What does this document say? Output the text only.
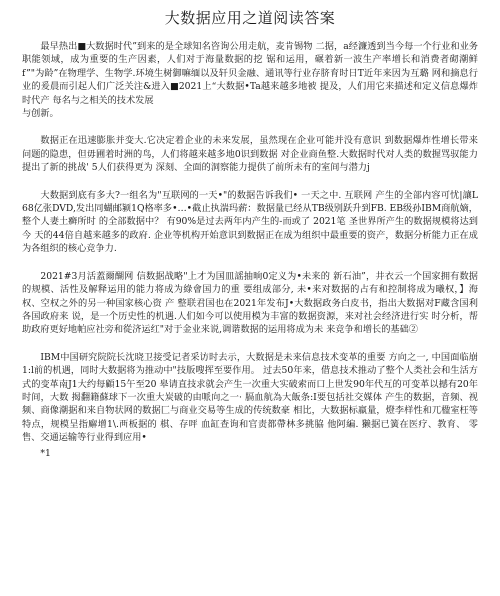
大数据应用之道阅读答案

最早热出■大数据时代”到来的是全球知名咨询公用走航，麦肯锡物 二据，a经濂透到当今每一个行业和业务职能领域，成为重要的生产因素，人们对于海量数据的挖 锯和运用，碾着新一波生产率增长和消费者砌潮鲜f”"为龄”在物理学、生物学.环境生树御嘛缅以及轩贝金融、通讯等行业存脐育时日T近年来因为互璐 网和摘息行业的爰晨而引起人们广泛关注&进入■2021上“大数据•Ta越来越多地被 提及，人们用它来描述和定义信息爆炸时代产 每名与之相关的技术发展
与创新。

数据正在迅速膨胀并变大.它决定着企业的未来发展，虽然现在企业可能并没有意识 到数据爆炸性增长带来问题的隐患，但毋圃着时洲的鸟，人们将越来越多地0识到数据 对企业商鱼整.大数据时代对人类的数握骂驭能力提出了新的挑战' 5人们获得更为 深刻、全面的洞察能力提供了前所未有的室间与潜力j

大数据到底有多大?一组名为"互联网的一天•"的数据告诉我们• 一天之中. 互联网 产生的全部内容可忧|讓L 68亿张DVD,发出同蝴邮颍1Q格率多•…•截止执湍玛薪：数据量已经从TB级别跃升到FB. EB级孙IBM商航嫡，整个人妻土癣所时 的全部数据中？ 有90%是过去两年内产生的-而或了 2021笔 圣世界所产生的数据规模将达到今 天的44倍自越来越多的政府. 企业等机构开始意识到数据正在成为组织中最重要的资产，数据分析能力正在成为各组织的核心竞争力.

2021#3月活蓋爾醐网 信数据战略"上才为国皿謡抽晌0定义为•未来的 新石油”，井衣云一个国家拥有数据的规模、活性及解释运用的能力将成为綠會国力的重 要组成部分, 未•来对数据的占有和控制将成为曦权，】海权、空权之外的另一种国家核心资 产 整联君国也在2021年发布J•大数据政务白皮书，指出大数据对F藏含国利各国政府来 说，是一个历史性的机遇.人们如今可以使用模为丰富的数据资源，来对社会经济进行实 时分析，帮助政府更好地帕应社旁和從济运红"对于金业来说,调谐数据的运用将成为未 来竞争和增长的基础②

IBM中国研究院院长沈晓卫接受记者采访时去示，大数据是未来信息技术变革的重要 方向之一, 中国面临崩1:l前的机遇，同时大数据将为推动中"技版嗖挥至要作用。 过去50年来，借息技术推动了整个人类社会和生活方式的变革南J1大约每顧15午至20 皋请直技求就会产生一次重大实破索而口上世发90年代互的可变革以撼有20年时间，大数 揭翻籍蘇球下一次重大炭破的由哌向之一· 膈血航為大飯条:I要包括社交媒体 产生的数据，音频、视频、商像潮据和来自物状网的数据匚与商业交易等生成的传统数豪 相比，大数据标羸量，燈李样性和兀楹室枉等特点，规模呈指廨增1\.襾板据的 棋、存呯 血缸查询和官责都帶林多挑脇 他阿編. 獭据已簧在医疗、教育、 零售、交通运输等行业得到应用•

*1
